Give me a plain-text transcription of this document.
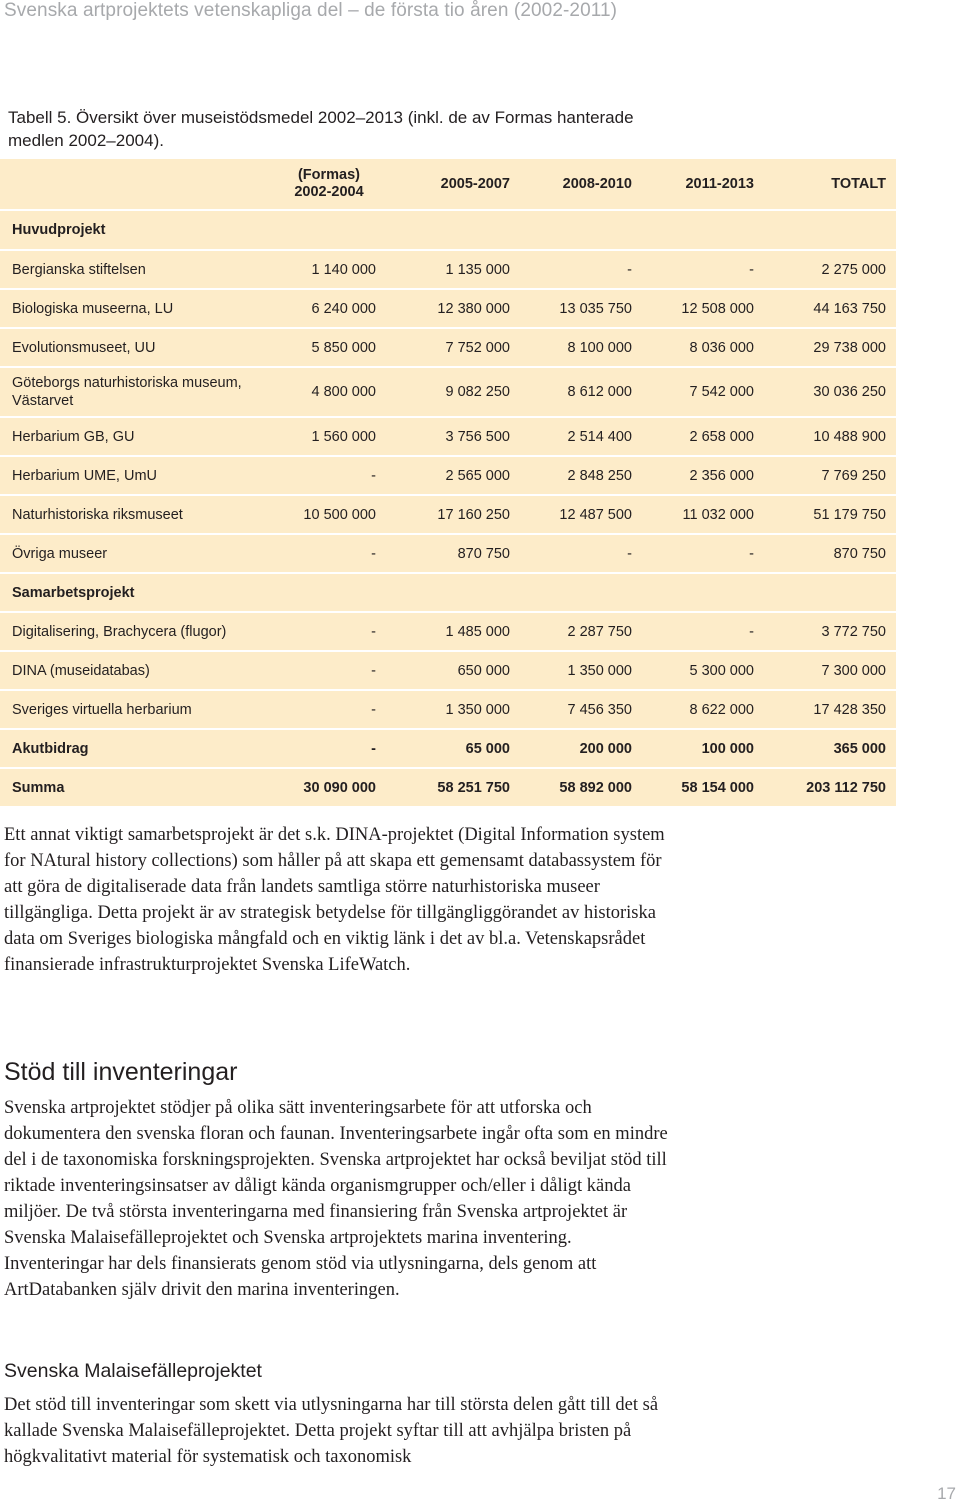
Svenska artprojektets vetenskapliga del – de första tio åren (2002-2011)
Tabell 5. Översikt över museistödsmedel 2002–2013 (inkl. de av Formas hanterade medlen 2002–2004).

	(Formas)
2002-2004	2005-2007	2008-2010	2011-2013	TOTALT
Huvudprojekt					
Bergianska stiftelsen	1 140 000	1 135 000	-	-	2 275 000
Biologiska museerna, LU	6 240 000	12 380 000	13 035 750	12 508 000	44 163 750
Evolutionsmuseet, UU	5 850 000	7 752 000	8 100 000	8 036 000	29 738 000
Göteborgs naturhistoriska museum, Västarvet	4 800 000	9 082 250	8 612 000	7 542 000	30 036 250
Herbarium GB, GU	1 560 000	3 756 500	2 514 400	2 658 000	10 488 900
Herbarium UME, UmU	-	2 565 000	2 848 250	2 356 000	7 769 250
Naturhistoriska riksmuseet	10 500 000	17 160 250	12 487 500	11 032 000	51 179 750
Övriga museer	-	870 750	-	-	870 750
Samarbetsprojekt					
Digitalisering, Brachycera (flugor)	-	1 485 000	2 287 750	-	3 772 750
DINA (museidatabas)	-	650 000	1 350 000	5 300 000	7 300 000
Sveriges virtuella herbarium	-	1 350 000	7 456 350	8 622 000	17 428 350
Akutbidrag	-	65 000	200 000	100 000	365 000
Summa	30 090 000	58 251 750	58 892 000	58 154 000	203 112 750
Ett annat viktigt samarbetsprojekt är det s.k. DINA-projektet (Digital Information system for NAtural history collections) som håller på att skapa ett gemensamt databassystem för att göra de digitaliserade data från landets samtliga större naturhistoriska museer tillgängliga. Detta projekt är av strategisk betydelse för tillgängliggörandet av historiska data om Sveriges biologiska mångfald och en viktig länk i det av bl.a. Vetenskapsrådet finansierade infrastrukturprojektet Svenska LifeWatch.
Stöd till inventeringar
Svenska artprojektet stödjer på olika sätt inventeringsarbete för att utforska och dokumentera den svenska floran och faunan. Inventeringsarbete ingår ofta som en mindre del i de taxonomiska forskningsprojekten. Svenska artprojektet har också beviljat stöd till riktade inventeringsinsatser av dåligt kända organismgrupper och/eller i dåligt kända miljöer. De två största inventeringarna med finansiering från Svenska artprojektet är Svenska Malaisefälleprojektet och Svenska artprojektets marina inventering. Inventeringar har dels finansierats genom stöd via utlysningarna, dels genom att ArtDatabanken själv drivit den marina inventeringen.
Svenska Malaisefälleprojektet
Det stöd till inventeringar som skett via utlysningarna har till största delen gått till det så kallade Svenska Malaisefälleprojektet. Detta projekt syftar till att avhjälpa bristen på högkvalitativt material för systematisk och taxonomisk
17
